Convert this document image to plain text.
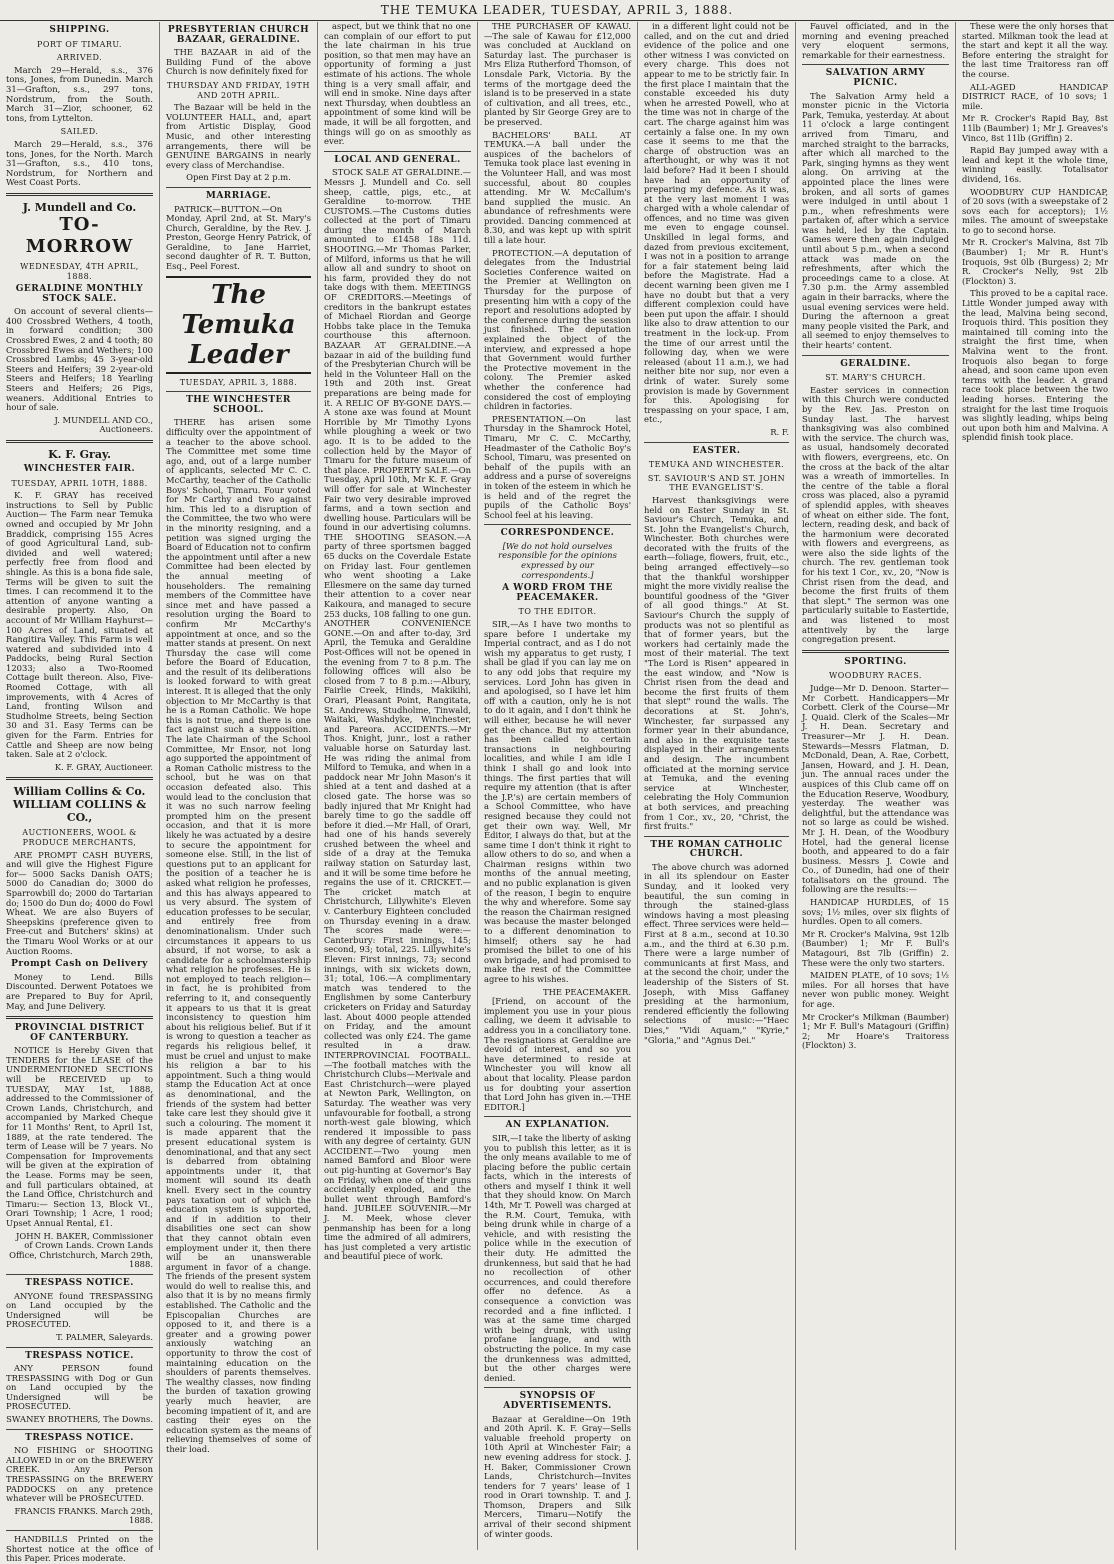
THE TEMUKA LEADER, TUESDAY, APRIL 3, 1888.
SHIPPING.
PORT OF TIMARU.
ARRIVED.
March 29—Herald, s.s., 376 tons, Jones, from Dunedin. March 31—Grafton, s.s., 297 tons, Nordstrum, from the South. March 31—Zior, schooner, 62 tons, from Lyttelton.
SAILED.
March 29—Herald, s.s., 376 tons, Jones, for the North. March 31—Grafton, s.s., 410 tons, Nordstrum, for Northern and West Coast Ports.
J. Mundell and Co.
TO-MORROW
WEDNESDAY, 4TH APRIL, 1888.
GERALDINE MONTHLY STOCK SALE.
On account of several clients— 400 Crossbred Wethers, 4 tooth, in forward condition; 300 Crossbred Ewes, 2 and 4 tooth; 80 Crossbred Ewes and Wethers; 100 Crossbred Lambs; 45 3-year-old Steers and Heifers; 39 2-year-old Steers and Heifers; 18 Yearling Steers and Heifers; 26 Pigs, weaners. Additional Entries to hour of sale.
J. MUNDELL AND CO., Auctioneers.
K. F. Gray.
WINCHESTER FAIR.
TUESDAY, APRIL 10TH, 1888.
K. F. GRAY has received instructions to Sell by Public Auction— The Farm near Temuka owned and occupied by Mr John Braddick, comprising 155 Acres of good Agricultural Land, sub-divided and well watered; perfectly free from flood and shingle. As this is a bona fide sale, Terms will be given to suit the times. I can recommend it to the attention of anyone wanting a desirable property. Also, On account of Mr William Hayhurst— 100 Acres of Land, situated at Rangitira Valley. This Farm is well watered and subdivided into 4 Paddocks, being Rural Section 12033; also a Two-Roomed Cottage built thereon. Also, Five-Roomed Cottage, with all improvements, with 4 Acres of Land, fronting Wilson and Studholme Streets, being Section 30 and 31. Easy Terms can be given for the Farm. Entries for Cattle and Sheep are now being taken. Sale at 2 o'clock.
K. F. GRAY, Auctioneer.
William Collins & Co.
WILLIAM COLLINS & CO.,
AUCTIONEERS, WOOL & PRODUCE MERCHANTS,
ARE PROMPT CASH BUYERS, and will give the Highest Figure for— 5000 Sacks Danish OATS; 5000 do Canadian do; 3000 do Sparrowbill do; 2000 do Tartarian do; 1500 do Dun do; 4000 do Fowl Wheat. We are also Buyers of Sheepskins (preference given to Free-cut and Butchers' skins) at the Timaru Wool Works or at our Auction Rooms.
Prompt Cash on Delivery
Money to Lend. Bills Discounted. Derwent Potatoes we are Prepared to Buy for April, May, and June Delivery.
PROVINCIAL DISTRICT OF CANTERBURY.
NOTICE is Hereby Given that TENDERS for the LEASE of the UNDERMENTIONED SECTIONS will be RECEIVED up to TUESDAY, MAY 1st, 1888, addressed to the Commissioner of Crown Lands, Christchurch, and accompanied by Marked Cheque for 11 Months' Rent, to April 1st, 1889, at the rate tendered. The term of Lease will be 7 years. No Compensation for Improvements will be given at the expiration of the Lease. Forms may be seen, and full particulars obtained, at the Land Office, Christchurch and Timaru:— Section 13, Block VI., Orari Township; 1 Acre, 1 rood; Upset Annual Rental, £1.
JOHN H. BAKER, Commissioner of Crown Lands. Crown Lands Office, Christchurch, March 29th, 1888.
TRESPASS NOTICE.
ANYONE found TRESPASSING on Land occupied by the Undersigned will be PROSECUTED.
T. PALMER, Saleyards.
TRESPASS NOTICE.
ANY PERSON found TRESPASSING with Dog or Gun on Land occupied by the Undersigned will be PROSECUTED.
SWANEY BROTHERS, The Downs.
TRESPASS NOTICE.
NO FISHING or SHOOTING ALLOWED in or on the BREWERY CREEK. Any Person TRESPASSING on the BREWERY PADDOCKS on any pretence whatever will be PROSECUTED.
FRANCIS FRANKS. March 29th, 1888.
HANDBILLS Printed on the Shortest notice at the office of this Paper. Prices moderate.
PRESBYTERIAN CHURCH BAZAAR, GERALDINE.
THE BAZAAR in aid of the Building Fund of the above Church is now definitely fixed for
THURSDAY AND FRIDAY, 19TH AND 20TH APRIL.
The Bazaar will be held in the VOLUNTEER HALL, and, apart from Artistic Display, Good Music, and other interesting arrangements, there will be GENUINE BARGAINS in nearly every class of Merchandise.
Open First Day at 2 p.m.
MARRIAGE.
PATRICK—BUTTON.—On Monday, April 2nd, at St. Mary's Church, Geraldine, by the Rev. J. Preston, George Henry Patrick, of Geraldine, to Jane Harriet, second daughter of R. T. Button, Esq., Peel Forest.
The Temuka Leader
TUESDAY, APRIL 3, 1888.
THE WINCHESTER SCHOOL.
THERE has arisen some difficulty over the appointment of a teacher to the above school. The Committee met some time ago, and, out of a large number of applicants, selected Mr C. C. McCarthy, teacher of the Catholic Boys' School, Timaru. Four voted for Mr Carthy and two against him. This led to a disruption of the Committee, the two who were in the minority resigning, and a petition was signed urging the Board of Education not to confirm the appointment until after a new Committee had been elected by the annual meeting of householders. The remaining members of the Committee have since met and have passed a resolution urging the Board to confirm Mr McCarthy's appointment at once, and so the matter stands at present. On next Thursday the case will come before the Board of Education, and the result of its deliberations is looked forward to with great interest. It is alleged that the only objection to Mr McCarthy is that he is a Roman Catholic. We hope this is not true, and there is one fact against such a supposition. The late Chairman of the School Committee, Mr Ensor, not long ago supported the appointment of a Roman Catholic mistress to the school, but he was on that occasion defeated also. This would lead to the conclusion that it was no such narrow feeling prompted him on the present occasion, and that it is more likely he was actuated by a desire to secure the appointment for someone else. Still, in the list of questions put to an applicant for the position of a teacher he is asked what religion he professes, and this has always appeared to us very absurd. The system of education professes to be secular, and entirely free from denominationalism. Under such circumstances it appears to us absurd, if not worse, to ask a candidate for a schoolmastership what religion he professes. He is not employed to teach religion—in fact, he is prohibited from referring to it, and consequently it appears to us that it is great inconsistency to question him about his religious belief. But if it is wrong to question a teacher as regards his religious belief, it must be cruel and unjust to make his religion a bar to his appointment. Such a thing would stamp the Education Act at once as denominational, and the friends of the system had better take care lest they should give it such a colouring. The moment it is made apparent that the present educational system is denominational, and that any sect is debarred from obtaining appointments under it, that moment will sound its death knell. Every sect in the country pays taxation out of which the education system is supported, and if in addition to their disabilities one sect can show that they cannot obtain even employment under it, then there will be an unanswerable argument in favor of a change. The friends of the present system would do well to realise this, and also that it is by no means firmly established. The Catholic and the Episcopalian Churches are opposed to it, and there is a greater and a growing power anxiously watching an opportunity to throw the cost of maintaining education on the shoulders of parents themselves. The wealthy classes, now finding the burden of taxation growing yearly much heavier, are becoming impatient of it, and are casting their eyes on the education system as the means of relieving themselves of some of their load.
aspect, but we think that no one can complain of our effort to put the late chairman in his true position, so that men may have an opportunity of forming a just estimate of his actions. The whole thing is a very small affair, and will end in smoke. Nine days after next Thursday, when doubtless an appointment of some kind will be made, it will be all forgotten, and things will go on as smoothly as ever.
LOCAL AND GENERAL.
STOCK SALE AT GERALDINE.—Messrs J. Mundell and Co. sell sheep, cattle, pigs, etc., at Geraldine to-morrow. THE CUSTOMS.—The Customs duties collected at the port of Timaru during the month of March amounted to £1458 18s 11d. SHOOTING.—Mr Thomas Parker, of Milford, informs us that he will allow all and sundry to shoot on his farm, provided they do not take dogs with them. MEETINGS OF CREDITORS.—Meetings of creditors in the bankrupt estates of Michael Riordan and George Hobbs take place in the Temuka courthouse this afternoon. BAZAAR AT GERALDINE.—A bazaar in aid of the building fund of the Presbyterian Church will be held in the Volunteer Hall on the 19th and 20th inst. Great preparations are being made for it. A RELIC OF BY-GONE DAYS.—A stone axe was found at Mount Horrible by Mr Timothy Lyons while ploughing a week or two ago. It is to be added to the collection held by the Mayor of Timaru for the future museum of that place. PROPERTY SALE.—On Tuesday, April 10th, Mr K. F. Gray will offer for sale at Winchester Fair two very desirable improved farms, and a town section and dwelling house. Particulars will be found in our advertising columns. THE SHOOTING SEASON.—A party of three sportsmen bagged 65 ducks on the Coverdale Estate on Friday last. Four gentlemen who went shooting a Lake Ellesmere on the same day turned their attention to a cover near Kaikoura, and managed to secure 253 ducks, 108 falling to one gun. ANOTHER CONVENIENCE GONE.—On and after to-day, 3rd April, the Temuka and Geraldine Post-Offices will not be opened in the evening from 7 to 8 p.m. The following offices will also be closed from 7 to 8 p.m.:—Albury, Fairlie Creek, Hinds, Makikihi, Orari, Pleasant Point, Rangitata, St. Andrews, Studholme, Tinwald, Waitaki, Washdyke, Winchester, and Pareora. ACCIDENTS.—Mr Thos. Knight, junr., lost a rather valuable horse on Saturday last. He was riding the animal from Milford to Temuka, and when in a paddock near Mr John Mason's it shied at a tent and dashed at a closed gate. The horse was so badly injured that Mr Knight had barely time to go the saddle off before it died.—Mr Hall, of Orari, had one of his hands severely crushed between the wheel and side of a dray at the Temuka railway station on Saturday last, and it will be some time before he regains the use of it. CRICKET.—The cricket match at Christchurch, Lillywhite's Eleven v. Canterbury Eighteen concluded on Thursday evening in a draw. The scores made were:—Canterbury: First innings, 145; second, 93; total, 225. Lillywhite's Eleven: First innings, 73; second innings, with six wickets down, 31; total, 106.—A complimentary match was tendered to the Englishmen by some Canterbury cricketers on Friday and Saturday last. About 4000 people attended on Friday, and the amount collected was only £24. The game resulted in a draw. INTERPROVINCIAL FOOTBALL.—The football matches with the Christchurch Clubs—Merivale and East Christchurch—were played at Newton Park, Wellington, on Saturday. The weather was very unfavourable for football, a strong north-west gale blowing, which rendered it impossible to pass with any degree of certainty. GUN ACCIDENT.—Two young men named Bamford and Bloor were out pig-hunting at Governor's Bay on Friday, when one of their guns accidentally exploded, and the bullet went through Bamford's hand. JUBILEE SOUVENIR.—Mr J. M. Meek, whose clever penmanship has been for a long time the admired of all admirers, has just completed a very artistic and beautiful piece of work.
THE PURCHASER OF KAWAU.—The sale of Kawau for £12,000 was concluded at Auckland on Saturday last. The purchaser is Mrs Eliza Rutherford Thomson, of Lonsdale Park, Victoria. By the terms of the mortgage deed the island is to be preserved in a state of cultivation, and all trees, etc., planted by Sir George Grey are to be preserved.
BACHELORS' BALL AT TEMUKA.—A ball under the auspices of the bachelors of Temuka took place last evening in the Volunteer Hall, and was most successful, about 80 couples attending. Mr W. McCallum's band supplied the music. An abundance of refreshments were provided. Dancing commenced at 8.30, and was kept up with spirit till a late hour.
PROTECTION.—A deputation of delegates from the Industrial Societies Conference waited on the Premier at Wellington on Thursday for the purpose of presenting him with a copy of the report and resolutions adopted by the conference during the session just finished. The deputation explained the object of the interview, and expressed a hope that Government would further the Protective movement in the colony. The Premier asked whether the conference had considered the cost of employing children in factories.
PRESENTATION.—On last Thursday in the Shamrock Hotel, Timaru, Mr C. C. McCarthy, Headmaster of the Catholic Boy's School, Timaru, was presented on behalf of the pupils with an address and a purse of sovereigns in token of the esteem in which he is held and of the regret the pupils of the Catholic Boys' School feel at his leaving.
CORRESPONDENCE.
[We do not hold ourselves responsible for the opinions expressed by our correspondents.]
A WORD FROM THE PEACEMAKER.
TO THE EDITOR.
SIR,—As I have two months to spare before I undertake my Imperial contract, and as I do not wish my apparatus to get rusty, I shall be glad if you can lay me on to any odd jobs that require my services. Lord John has given in and apologised, so I have let him off with a caution, only he is not to do it again, and I don't think he will either, because he will never get the chance. But my attention has been called to certain transactions in neighbouring localities, and while I am idle I think I shall go and look into things. The first parties that will require my attention (that is after the J.P.'s) are certain members of a School Committee, who have resigned because they could not get their own way. Well, Mr Editor, I always do that, but at the same time I don't think it right to allow others to do so, and when a Chairman resigns within two months of the annual meeting, and no public explanation is given of the reason, I begin to enquire the why and wherefore. Some say the reason the Chairman resigned was because the master belonged to a different denomination to himself; others say he had promised the billet to one of his own brigade, and had promised to make the rest of the Committee agree to his wishes.
THE PEACEMAKER.
[Friend, on account of the implement you use in your pious calling, we deem it advisable to address you in a conciliatory tone. The resignations at Geraldine are devoid of interest, and so you have determined to reside at Winchester you will know all about that locality. Please pardon us for doubting your assertion that Lord John has given in.—THE EDITOR.]
AN EXPLANATION.
SIR,—I take the liberty of asking you to publish this letter, as it is the only means available to me of placing before the public certain facts, which in the interests of others and myself I think it well that they should know. On March 14th, Mr T. Powell was charged at the R.M. Court, Temuka, with being drunk while in charge of a vehicle, and with resisting the police while in the execution of their duty. He admitted the drunkenness, but said that he had no recollection of other occurrences, and could therefore offer no defence. As a consequence a conviction was recorded and a fine inflicted. I was at the same time charged with being drunk, with using profane language, and with obstructing the police. In my case the drunkenness was admitted, but the other charges were denied.
SYNOPSIS OF ADVERTISEMENTS.
Bazaar at Geraldine—On 19th and 20th April. K. F. Gray—Sells valuable freehold property on 10th April at Winchester Fair; a new evening address for stock. J. H. Baker, Commissioner Crown Lands, Christchurch—Invites tenders for 7 years' lease of 1 rood in Orari township. T. and J. Thomson, Drapers and Silk Mercers, Timaru—Notify the arrival of their second shipment of winter goods.
in a different light could not be called, and on the cut and dried evidence of the police and one other witness I was convicted on every charge. This does not appear to me to be strictly fair. In the first place I maintain that the constable exceeded his duty when he arrested Powell, who at the time was not in charge of the cart. The charge against him was certainly a false one. In my own case it seems to me that the charge of obstruction was an afterthought, or why was it not laid before? Had it been I should have had an opportunity of preparing my defence. As it was, at the very last moment I was charged with a whole calendar of offences, and no time was given me even to engage counsel. Unskilled in legal forms, and dazed from previous excitement, I was not in a position to arrange for a fair statement being laid before the Magistrate. Had a decent warning been given me I have no doubt but that a very different complexion could have been put upon the affair. I should like also to draw attention to our treatment in the lock-up. From the time of our arrest until the following day, when we were released (about 11 a.m.), we had neither bite nor sup, nor even a drink of water. Surely some provision is made by Government for this. Apologising for trespassing on your space, I am, etc.,
R. F.
EASTER.
TEMUKA AND WINCHESTER.
ST. SAVIOUR'S AND ST. JOHN THE EVANGELIST'S.
Harvest thanksgivings were held on Easter Sunday in St. Saviour's Church, Temuka, and St. John the Evangelist's Church, Winchester. Both churches were decorated with the fruits of the earth—foliage, flowers, fruit, etc., being arranged effectively—so that the thankful worshipper might the more vividly realise the bountiful goodness of the "Giver of all good things." At St. Saviour's Church the supply of products was not so plentiful as that of former years, but the workers had certainly made the most of their material. The text "The Lord is Risen" appeared in the east window, and "Now is Christ risen from the dead and become the first fruits of them that slept" round the walls. The decorations at St. John's, Winchester, far surpassed any former year in their abundance, and also in the exquisite taste displayed in their arrangements and design. The incumbent officiated at the morning service at Temuka, and the evening service at Winchester, celebrating the Holy Communion at both services, and preaching from 1 Cor., xv., 20, "Christ, the first fruits."
THE ROMAN CATHOLIC CHURCH.
The above church was adorned in all its splendour on Easter Sunday, and it looked very beautiful, the sun coming in through the stained-glass windows having a most pleasing effect. Three services were held—First at 8 a.m., second at 10.30 a.m., and the third at 6.30 p.m. There were a large number of communicants at first Mass, and at the second the choir, under the leadership of the Sisters of St. Joseph, with Miss Gaffaney presiding at the harmonium, rendered efficiently the following selections of music:—"Haec Dies," "Vidi Aquam," "Kyrie," "Gloria," and "Agnus Dei."
Fauvel officiated, and in the morning and evening preached very eloquent sermons, remarkable for their earnestness.
SALVATION ARMY PICNIC.
The Salvation Army held a monster picnic in the Victoria Park, Temuka, yesterday. At about 11 o'clock a large contingent arrived from Timaru, and marched straight to the barracks, after which all marched to the Park, singing hymns as they went along. On arriving at the appointed place the lines were broken, and all sorts of games were indulged in until about 1 p.m., when refreshments were partaken of, after which a service was held, led by the Captain. Games were then again indulged until about 5 p.m., when a second attack was made on the refreshments, after which the proceedings came to a close. At 7.30 p.m. the Army assembled again in their barracks, where the usual evening services were held. During the afternoon a great many people visited the Park, and all seemed to enjoy themselves to their hearts' content.
GERALDINE.
ST. MARY'S CHURCH.
Easter services in connection with this Church were conducted by the Rev. Jas. Preston on Sunday last. The harvest thanksgiving was also combined with the service. The church was, as usual, handsomely decorated with flowers, evergreens, etc. On the cross at the back of the altar was a wreath of immortelles. In the centre of the table a floral cross was placed, also a pyramid of splendid apples, with sheaves of wheat on either side. The font, lectern, reading desk, and back of the harmonium were decorated with flowers and evergreens, as were also the side lights of the church. The rev. gentleman took for his text 1 Cor., xv., 20, "Now is Christ risen from the dead, and become the first fruits of them that slept." The sermon was one particularly suitable to Eastertide, and was listened to most attentively by the large congregation present.
SPORTING.
WOODBURY RACES.
Judge—Mr D. Denoon. Starter—Mr Corbett. Handicappers—Mr Corbett. Clerk of the Course—Mr J. Quaid. Clerk of the Scales—Mr J. H. Dean. Secretary and Treasurer—Mr J. H. Dean. Stewards—Messrs Flatman, D. McDonald, Dean, A. Rae, Corbett, Jansen, Howard, and J. H. Dean, jun. The annual races under the auspices of this Club came off on the Education Reserve, Woodbury, yesterday. The weather was delightful, but the attendance was not so large as could be wished. Mr J. H. Dean, of the Woodbury Hotel, had the general license booth, and appeared to do a fair business. Messrs J. Cowie and Co., of Dunedin, had one of their totalisators on the ground. The following are the results:—
HANDICAP HURDLES, of 15 sovs; 1½ miles, over six flights of hurdles. Open to all comers.
Mr R. Crocker's Malvina, 9st 12lb (Baumber) 1; Mr F. Bull's Matagouri, 8st 7lb (Griffin) 2. These were the only two starters.
MAIDEN PLATE, of 10 sovs; 1½ miles. For all horses that have never won public money. Weight for age.
Mr Crocker's Milkman (Baumber) 1; Mr F. Bull's Matagouri (Griffin) 2; Mr Hoare's Traitoress (Flockton) 3.
These were the only horses that started. Milkman took the lead at the start and kept it all the way. Before entering the straight for the last time Traitoress ran off the course.
ALL-AGED HANDICAP DISTRICT RACE, of 10 sovs; 1 mile.
Mr R. Crocker's Rapid Bay, 8st 11lb (Baumber) 1; Mr J. Greaves's Vinco, 8st 11lb (Griffin) 2.
Rapid Bay jumped away with a lead and kept it the whole time, winning easily. Totalisator dividend, 16s.
WOODBURY CUP HANDICAP, of 20 sovs (with a sweepstake of 2 sovs each for acceptors); 1½ miles. The amount of sweepstake to go to second horse.
Mr R. Crocker's Malvina, 8st 7lb (Baumber) 1; Mr R. Hunt's Iroquois, 9st 0lb (Burgess) 2; Mr R. Crocker's Nelly, 9st 2lb (Flockton) 3.
This proved to be a capital race. Little Wonder jumped away with the lead, Malvina being second, Iroquois third. This position they maintained till coming into the straight the first time, when Malvina went to the front. Iroquois also began to forge ahead, and soon came upon even terms with the leader. A grand race took place between the two leading horses. Entering the straight for the last time Iroquois was slightly leading, whips being out upon both him and Malvina. A splendid finish took place.
